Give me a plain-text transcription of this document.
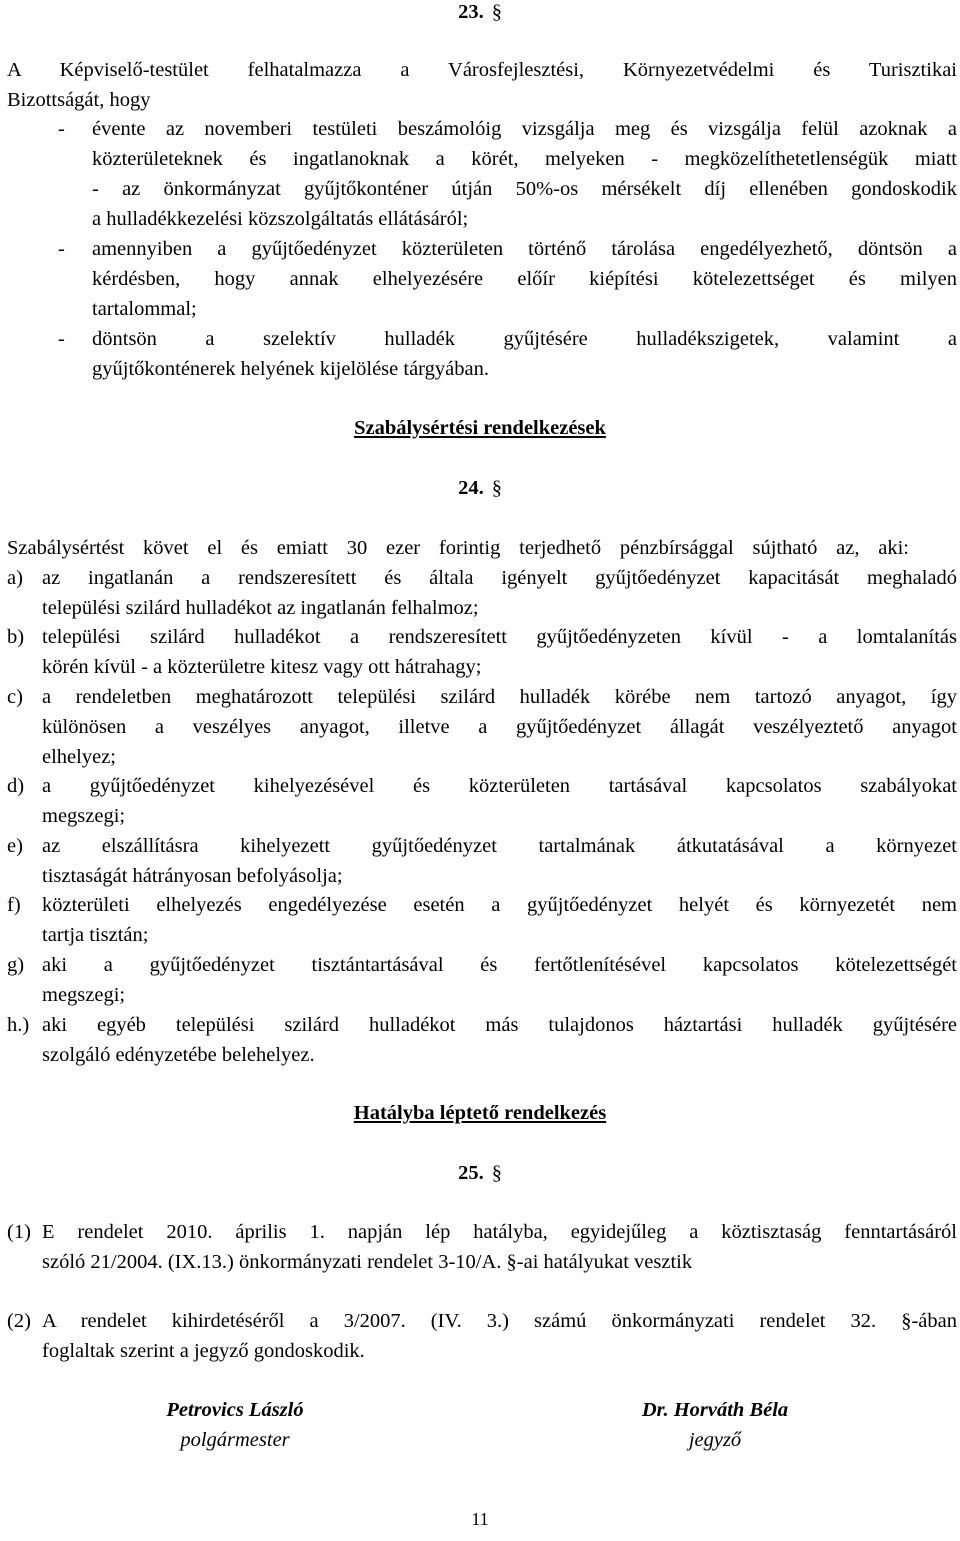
23. §
A Képviselő-testület felhatalmazza a Városfejlesztési, Környezetvédelmi és Turisztikai
Bizottságát, hogy
- évente az novemberi testületi beszámolóig vizsgálja meg és vizsgálja felül azoknak a
közterületeknek és ingatlanoknak a körét, melyeken - megközelíthetetlenségük miatt
- az önkormányzat gyűjtőkonténer útján 50%-os mérsékelt díj ellenében gondoskodik
a hulladékkezelési közszolgáltatás ellátásáról;
- amennyiben a gyűjtőedényzet közterületen történő tárolása engedélyezhető, döntsön a
kérdésben, hogy annak elhelyezésére előír kiépítési kötelezettséget és milyen
tartalommal;
- döntsön a szelektív hulladék gyűjtésére hulladékszigetek, valamint a
gyűjtőkonténerek helyének kijelölése tárgyában.
Szabálysértési rendelkezések
24. §
Szabálysértést követ el és emiatt 30 ezer forintig terjedhető pénzbírsággal sújtható az, aki:
a) az ingatlanán a rendszeresített és általa igényelt gyűjtőedényzet kapacitását meghaladó
települési szilárd hulladékot az ingatlanán felhalmoz;
b) települési szilárd hulladékot a rendszeresített gyűjtőedényzeten kívül - a lomtalanítás
körén kívül - a közterületre kitesz vagy ott hátrahagy;
c) a rendeletben meghatározott települési szilárd hulladék körébe nem tartozó anyagot, így
különösen a veszélyes anyagot, illetve a gyűjtőedényzet állagát veszélyeztető anyagot
elhelyez;
d) a gyűjtőedényzet kihelyezésével és közterületen tartásával kapcsolatos szabályokat
megszegi;
e) az elszállításra kihelyezett gyűjtőedényzet tartalmának átkutatásával a környezet
tisztaságát hátrányosan befolyásolja;
f) közterületi elhelyezés engedélyezése esetén a gyűjtőedényzet helyét és környezetét nem
tartja tisztán;
g) aki a gyűjtőedényzet tisztántartásával és fertőtlenítésével kapcsolatos kötelezettségét
megszegi;
h.) aki egyéb települési szilárd hulladékot más tulajdonos háztartási hulladék gyűjtésére
szolgáló edényzetébe belehelyez.
Hatályba léptető rendelkezés
25. §
(1) E rendelet 2010. április 1. napján lép hatályba, egyidejűleg a köztisztaság fenntartásáról
szóló 21/2004. (IX.13.) önkormányzati rendelet 3-10/A. §-ai hatályukat vesztik
(2) A rendelet kihirdetéséről a 3/2007. (IV. 3.) számú önkormányzati rendelet 32. §-ában
foglaltak szerint a jegyző gondoskodik.
Petrovics László
polgármester
Dr. Horváth Béla
jegyző
11
